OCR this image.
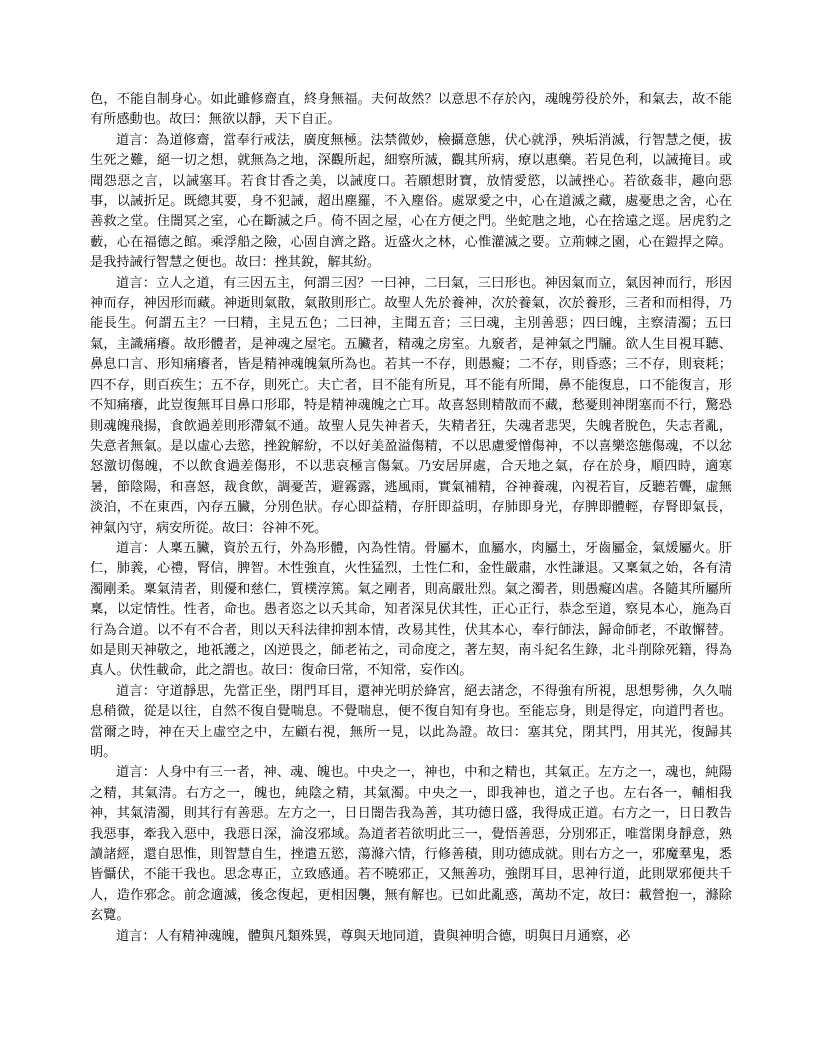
色，不能自制身心。如此雖修齋直，終身無福。夫何故然？以意思不存於內，魂魄勞役於外，和氣去，故不能有所感動也。故曰：無欲以靜，天下自正。

道言：為道修齋，當奉行戒法，廣度無極。法禁微妙，檢攝意態，伏心就淨，殃垢消滅，行智慧之便，拔生死之難，絕一切之想，就無為之地，深觀所起，細察所滅，觀其所病，療以惠藥。若見色利，以誡掩目。或聞怨惡之言，以誡塞耳。若食甘香之美，以誡度口。若願想財寶，放情愛慾，以誡挫心。若欲姦非，趣向惡事，以誡折足。既總其要，身不犯誡，超出塵羅，不入塵俗。處眾愛之中，心在道滅之藏，處憂患之舍，心在善救之堂。住闇冥之室，心在斷滅之戶。倚不固之屋，心在方便之門。坐蛇虺之地，心在捨遠之逕。居虎豹之藪，心在福德之館。乘浮船之險，心固自濟之路。近盛火之林，心惟灌滅之要。立荊棘之園，心在鎧捍之障。是我持誡行智慧之便也。故曰：挫其銳，解其紛。

道言：立人之道，有三因五主，何謂三因？一曰神，二曰氣，三曰形也。神因氣而立，氣因神而行，形因神而存，神因形而藏。神逝則氣散，氣散則形亡。故聖人先於養神，次於養氣，次於養形，三者和而相得，乃能長生。何謂五主？一曰精，主見五色；二曰神，主聞五音；三曰魂，主別善惡；四曰魄，主察清濁；五曰氣，主識痛癢。故形體者，是神魂之屋宅。五臟者，精魂之房室。九竅者，是神氣之門牖。欲人生目視耳聽、鼻息口言、形知痛癢者，皆是精神魂魄氣所為也。若其一不存，則愚癡；二不存，則昏惑；三不存，則衰耗；四不存，則百疾生；五不存，則死亡。夫亡者，目不能有所見，耳不能有所聞，鼻不能復息，口不能復言，形不知痛癢，此豈復無耳目鼻口形耶，特是精神魂魄之亡耳。故喜怒則精散而不藏，愁憂則神閉塞而不行，驚恐則魂魄飛揚，食飲過差則形滯氣不通。故聖人見失神者夭，失精者狂，失魂者悲哭，失魄者脫色，失志者亂，失意者無氣。是以虛心去慾，挫銳解紛，不以好美盈溢傷精，不以思慮愛憎傷神，不以喜樂恣態傷魂，不以忿怒激切傷魄，不以飲食過差傷形，不以悲哀極言傷氣。乃安居屏處，合天地之氣，存在於身，順四時，適寒暑，節陰陽，和喜怒，裁食飲，調憂苦，避霧露，逃風雨，實氣補精，谷神養魂，內視若盲，反聽若聾，虛無淡泊，不在東西，內存五臟，分別色狀。存心即益精，存肝即益明，存肺即身光，存脾即體輕，存腎即氣長，神氣內守，病安所從。故曰：谷神不死。

道言：人稟五臟，資於五行，外為形體，內為性情。骨屬木，血屬水，肉屬土，牙齒屬金，氣煖屬火。肝仁，肺義，心禮，腎信，脾智。木性強直，火性猛烈，土性仁和，金性嚴肅，水性謙退。又稟氣之始，各有清濁剛柔。稟氣清者，則優和慈仁，質樸淳篤。氣之剛者，則高嚴壯烈。氣之濁者，則愚癡凶虐。各隨其所屬所稟，以定情性。性者，命也。愚者恣之以夭其命，知者深見伏其性，正心正行，恭念至道，察見本心，施為百行為合道。以不有不合者，則以天科法律抑割本情，改易其性，伏其本心，奉行師法，歸命師老，不敢懈替。如是則天神敬之，地祇護之，凶逆畏之，師老祐之，司命度之，著左契，南斗紀名生錄，北斗削除死籍，得為真人。伏性載命，此之謂也。故曰：復命曰常，不知常，妄作凶。

道言：守道靜思，先當正坐，閉門耳目，還神光明於絳宮，絕去諸念，不得強有所視，思想髣彿，久久喘息稍微，從是以往，自然不復自覺喘息。不覺喘息，便不復自知有身也。至能忘身，則是得定，向道門者也。當爾之時，神在天上虛空之中，左顧右視，無所一見，以此為證。故曰：塞其兌，閉其門，用其光，復歸其明。

道言：人身中有三一者，神、魂、魄也。中央之一，神也，中和之精也，其氣正。左方之一，魂也，純陽之精，其氣清。右方之一，魄也，純陰之精，其氣濁。中央之一，即我神也，道之子也。左右各一，輔相我神，其氣清濁，則其行有善惡。左方之一，日日闇告我為善，其功德日盛，我得成正道。右方之一，日日教告我惡事，牽我入惡中，我惡日深，淪沒邪域。為道者若欲明此三一，覺悟善惡，分別邪正，唯當閑身靜意，熟讀諸經，還自思惟，則智慧自生，挫遣五慾，蕩滌六情，行修善積，則功德成就。則右方之一，邪魔羣鬼，悉皆懾伏，不能干我也。思念專正，立致感通。若不曉邪正，又無善功，強閉耳目，思神行道，此則眾邪便共千人，造作邪念。前念適滅，後念復起，更相因襲，無有解也。已如此亂惑，萬劫不定，故曰：載營抱一，滌除玄覽。

道言：人有精神魂魄，體與凡類殊異，尊與天地同道，貴與神明合德，明與日月通察，必
